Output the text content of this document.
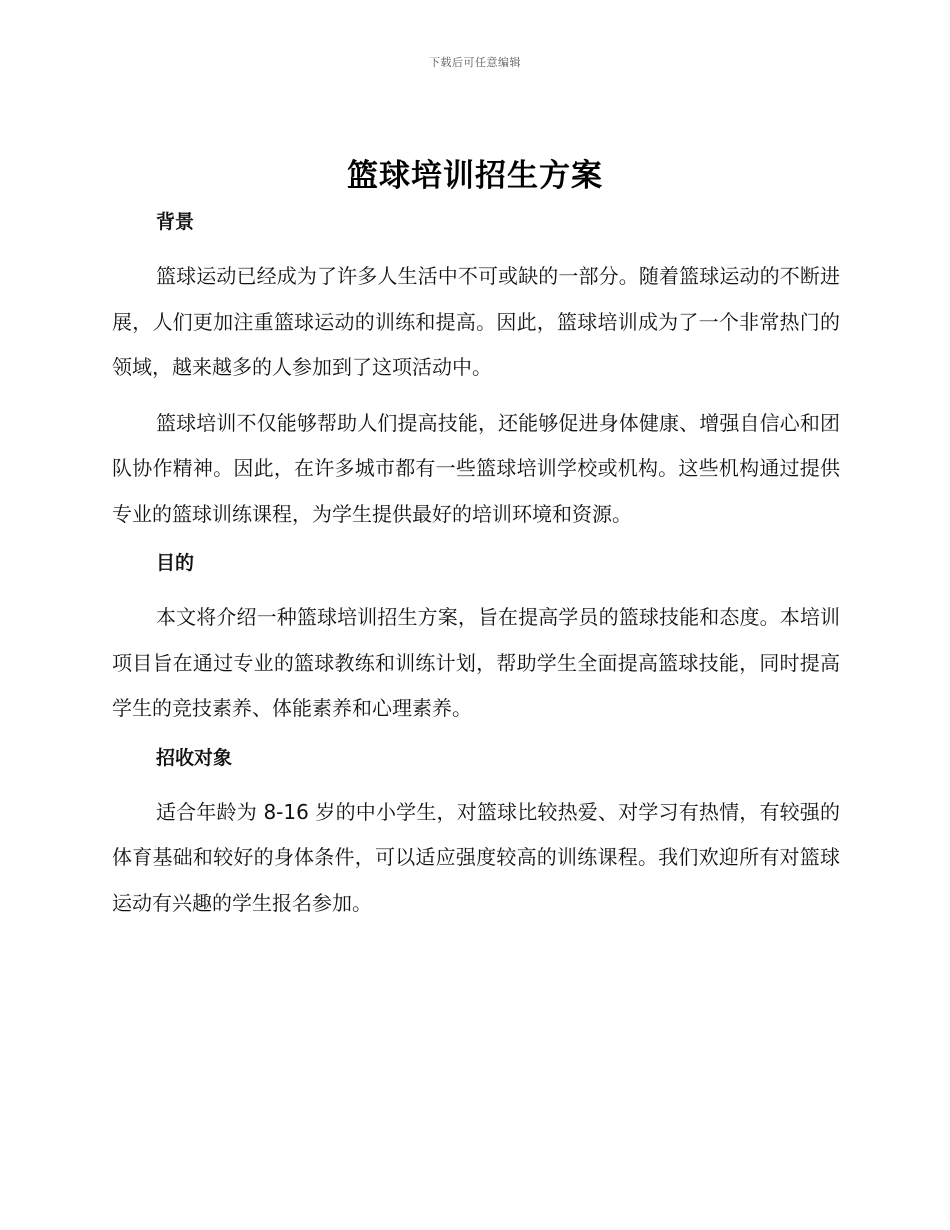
下载后可任意编辑
篮球培训招生方案
背景

篮球运动已经成为了许多人生活中不可或缺的一部分。随着篮球运动的不断进展，人们更加注重篮球运动的训练和提高。因此，篮球培训成为了一个非常热门的领域，越来越多的人参加到了这项活动中。

篮球培训不仅能够帮助人们提高技能，还能够促进身体健康、增强自信心和团队协作精神。因此，在许多城市都有一些篮球培训学校或机构。这些机构通过提供专业的篮球训练课程，为学生提供最好的培训环境和资源。

目的

本文将介绍一种篮球培训招生方案，旨在提高学员的篮球技能和态度。本培训项目旨在通过专业的篮球教练和训练计划，帮助学生全面提高篮球技能，同时提高学生的竞技素养、体能素养和心理素养。

招收对象

适合年龄为 8-16 岁的中小学生，对篮球比较热爱、对学习有热情，有较强的体育基础和较好的身体条件，可以适应强度较高的训练课程。我们欢迎所有对篮球运动有兴趣的学生报名参加。
